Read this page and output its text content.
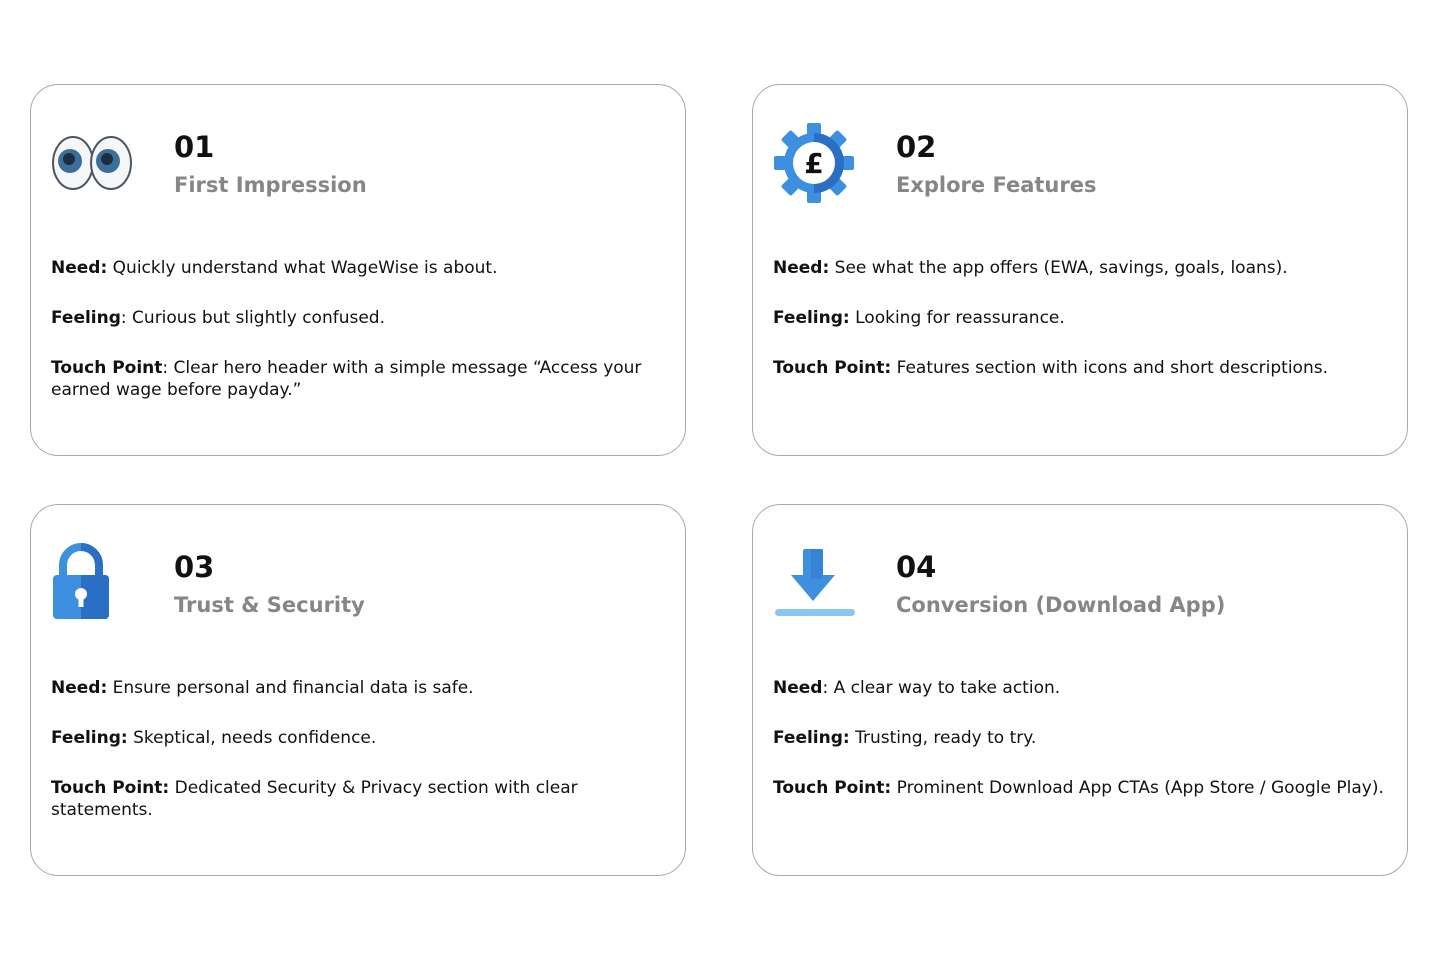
01
First Impression
Need: Quickly understand what WageWise is about.
Feeling: Curious but slightly confused.
Touch Point: Clear hero header with a simple message “Access your earned wage before payday.”
£ 02
Explore Features
Need: See what the app offers (EWA, savings, goals, loans).
Feeling: Looking for reassurance.
Touch Point: Features section with icons and short descriptions.
03
Trust & Security
Need: Ensure personal and financial data is safe.
Feeling: Skeptical, needs confidence.
Touch Point: Dedicated Security & Privacy section with clear statements.
04
Conversion (Download App)
Need: A clear way to take action.
Feeling: Trusting, ready to try.
Touch Point: Prominent Download App CTAs (App Store / Google Play).
